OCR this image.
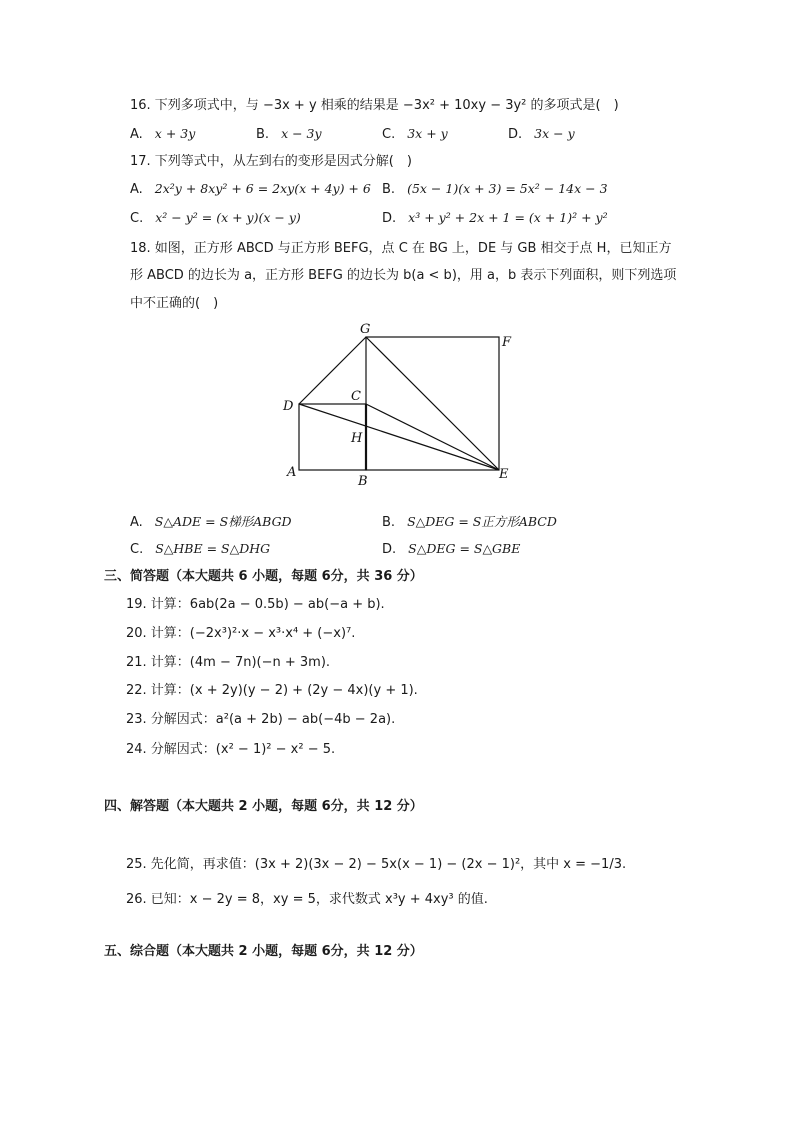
16. 下列多项式中，与 −3x + y 相乘的结果是 −3x² + 10xy − 3y² 的多项式是(　)
A. x + 3y	B. x − 3y	C. 3x + y	D. 3x − y
17. 下列等式中，从左到右的变形是因式分解(　)
A. 2x²y + 8xy² + 6 = 2xy(x + 4y) + 6 B. (5x − 1)(x + 3) = 5x² − 14x − 3
C. x² − y² = (x + y)(x − y)	D. x³ + y² + 2x + 1 = (x + 1)² + y²
18. 如图，正方形 ABCD 与正方形 BEFG，点 C 在 BG 上，DE 与 GB 相交于点 H，已知正方
形 ABCD 的边长为 a，正方形 BEFG 的边长为 b(a < b)，用 a，b 表示下列面积，则下列选项
中不正确的(　)
G
F
D
C
H
A
B	E
A. S△ADE = S梯形ABGD	B. S△DEG = S正方形ABCD
C. S△HBE = S△DHG	D. S△DEG = S△GBE
三、简答题（本大题共 6 小题，每题 6分，共 36 分）
19. 计算：6ab(2a − 0.5b) − ab(−a + b).
20. 计算：(−2x³)²·x − x³·x⁴ + (−x)⁷.
21. 计算：(4m − 7n)(−n + 3m).
22. 计算：(x + 2y)(y − 2) + (2y − 4x)(y + 1).
23. 分解因式：a²(a + 2b) − ab(−4b − 2a).
24. 分解因式：(x² − 1)² − x² − 5.
四、解答题（本大题共 2 小题，每题 6分，共 12 分）
25. 先化简，再求值：(3x + 2)(3x − 2) − 5x(x − 1) − (2x − 1)²，其中 x = −1/3.
26. 已知：x − 2y = 8，xy = 5，求代数式 x³y + 4xy³ 的值.
五、综合题（本大题共 2 小题，每题 6分，共 12 分）
